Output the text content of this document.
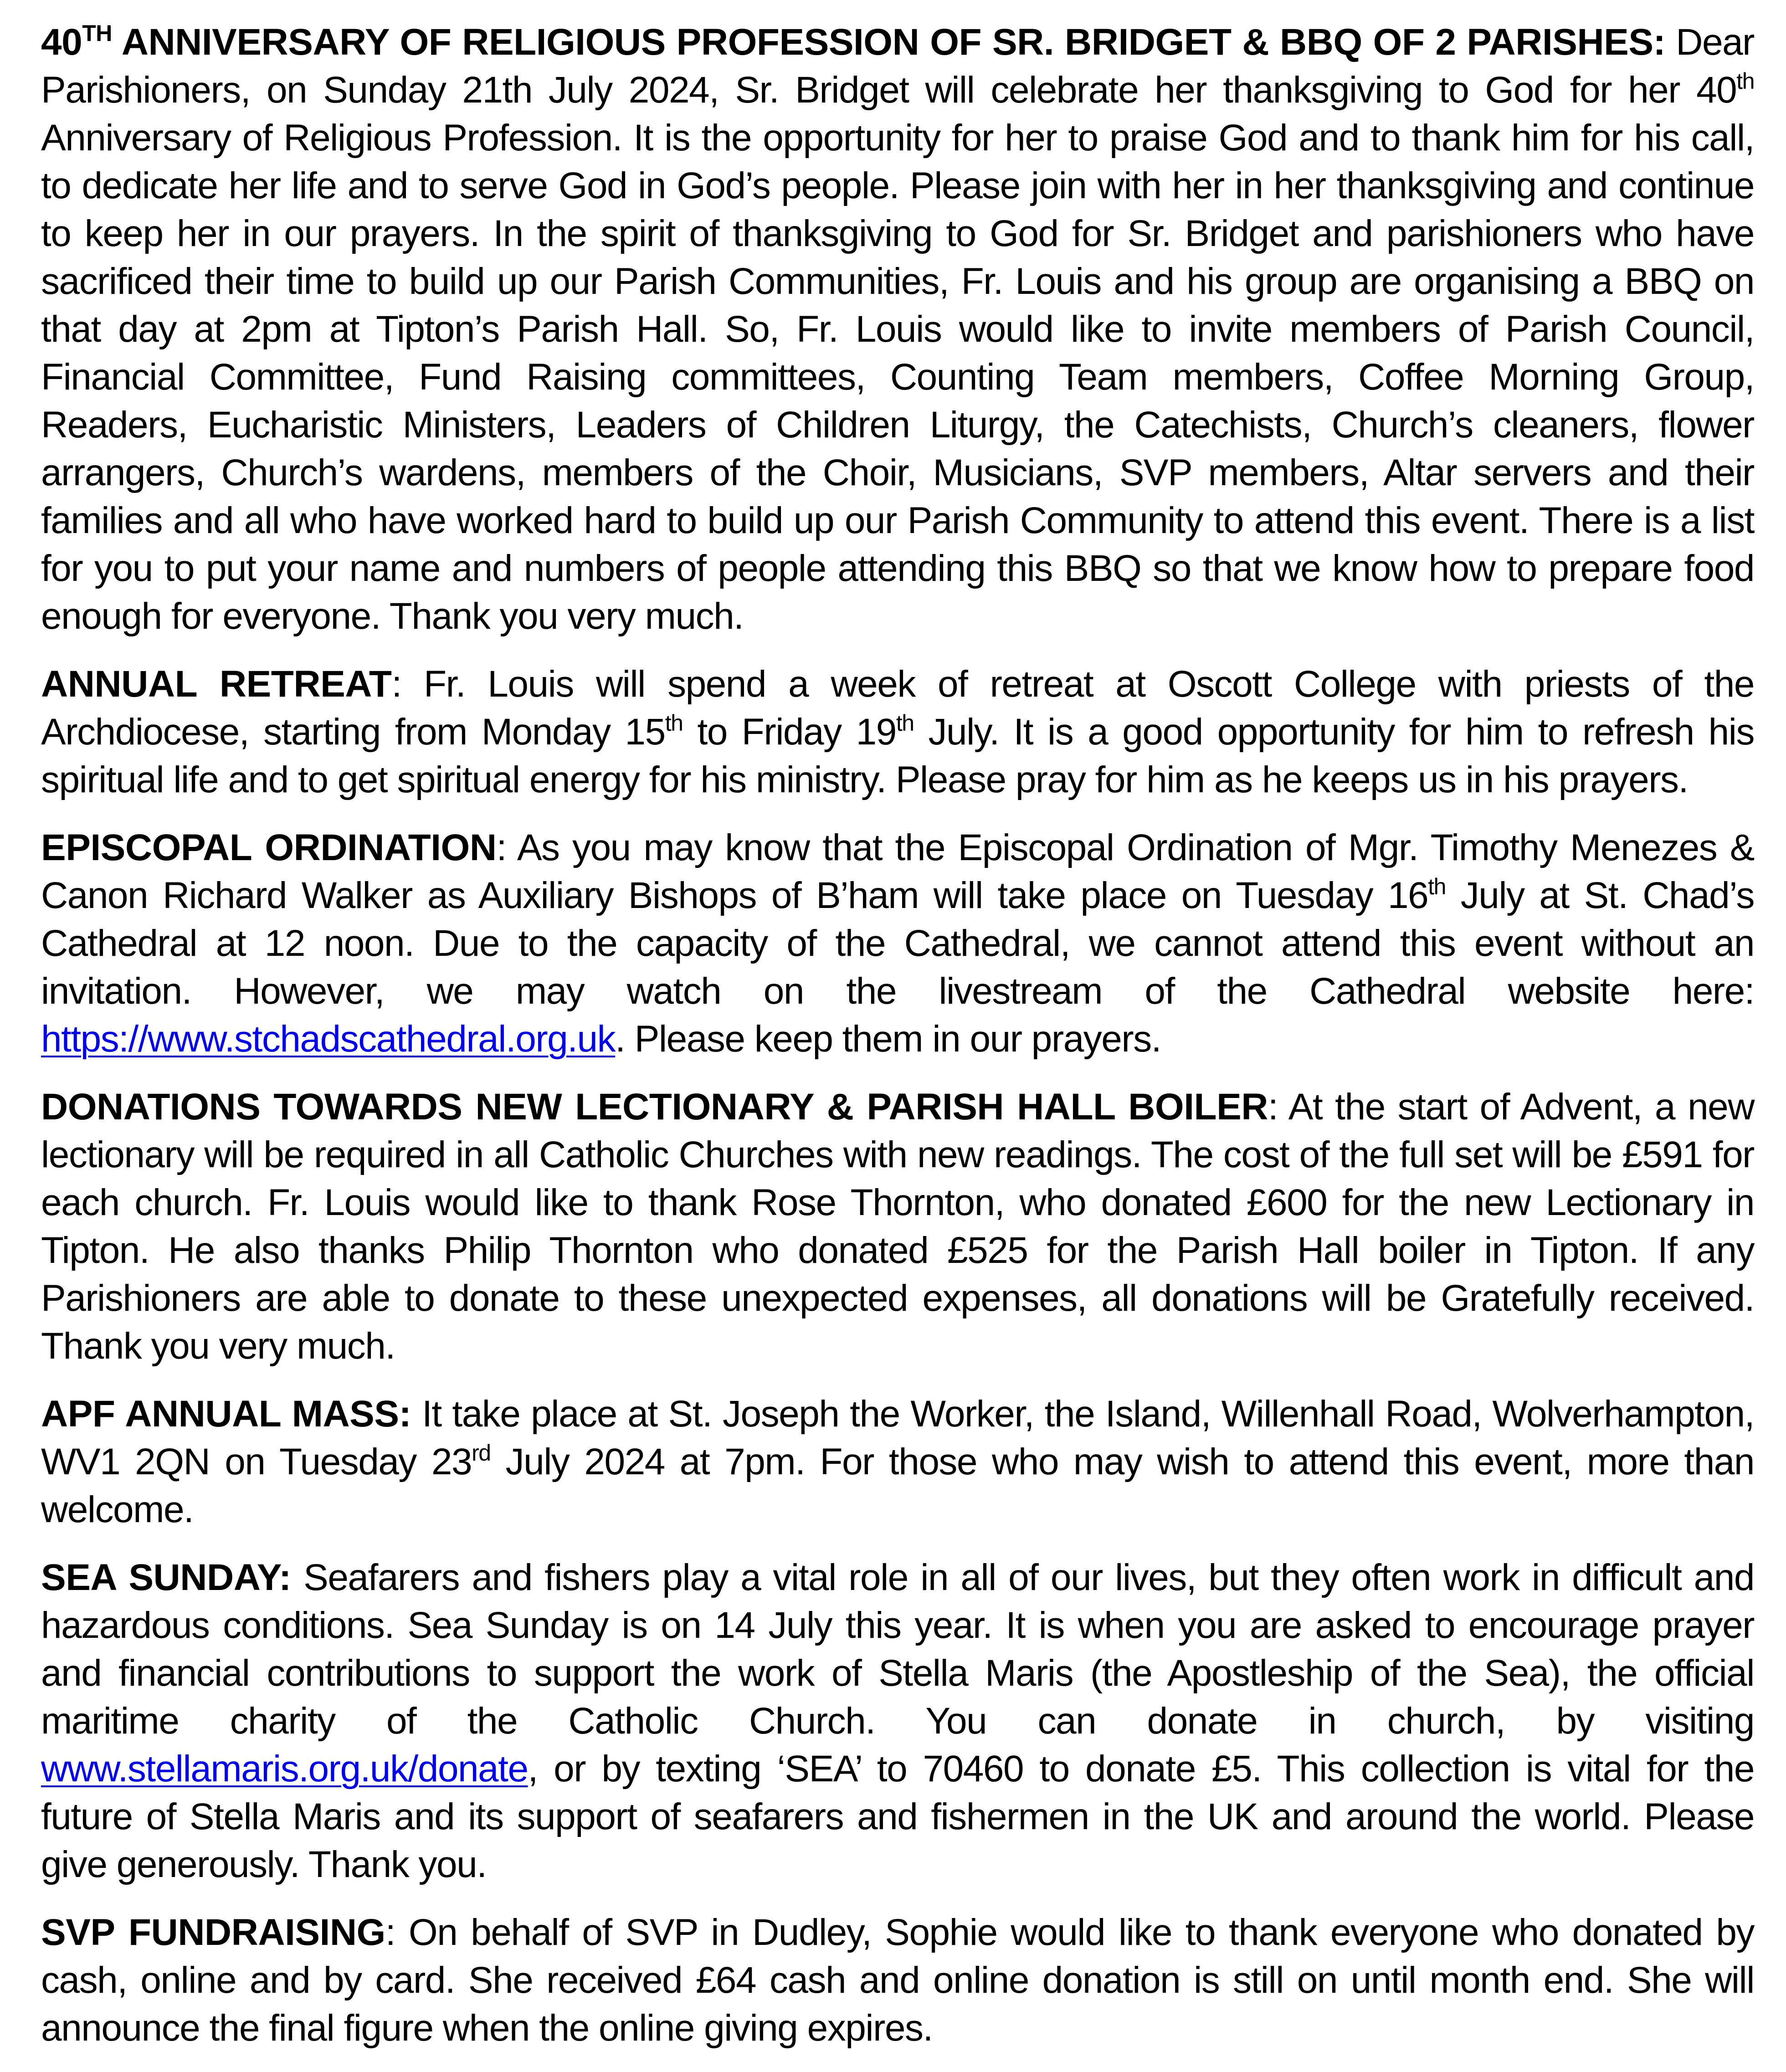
40TH ANNIVERSARY OF RELIGIOUS PROFESSION OF SR. BRIDGET & BBQ OF 2 PARISHES: Dear Parishioners, on Sunday 21th July 2024, Sr. Bridget will celebrate her thanksgiving to God for her 40th Anniversary of Religious Profession. It is the opportunity for her to praise God and to thank him for his call, to dedicate her life and to serve God in God’s people. Please join with her in her thanksgiving and continue to keep her in our prayers. In the spirit of thanksgiving to God for Sr. Bridget and parishioners who have sacrificed their time to build up our Parish Communities, Fr. Louis and his group are organising a BBQ on that day at 2pm at Tipton’s Parish Hall. So, Fr. Louis would like to invite members of Parish Council, Financial Committee, Fund Raising committees, Counting Team members, Coffee Morning Group, Readers, Eucharistic Ministers, Leaders of Children Liturgy, the Catechists, Church’s cleaners, flower arrangers, Church’s wardens, members of the Choir, Musicians, SVP members, Altar servers and their families and all who have worked hard to build up our Parish Community to attend this event. There is a list for you to put your name and numbers of people attending this BBQ so that we know how to prepare food enough for everyone. Thank you very much.

ANNUAL RETREAT: Fr. Louis will spend a week of retreat at Oscott College with priests of the Archdiocese, starting from Monday 15th to Friday 19th July. It is a good opportunity for him to refresh his spiritual life and to get spiritual energy for his ministry. Please pray for him as he keeps us in his prayers.

EPISCOPAL ORDINATION: As you may know that the Episcopal Ordination of Mgr. Timothy Menezes & Canon Richard Walker as Auxiliary Bishops of B’ham will take place on Tuesday 16th July at St. Chad’s Cathedral at 12 noon. Due to the capacity of the Cathedral, we cannot attend this event without an invitation. However, we may watch on the livestream of the Cathedral website here: https://www.stchadscathedral.org.uk. Please keep them in our prayers.

DONATIONS TOWARDS NEW LECTIONARY & PARISH HALL BOILER: At the start of Advent, a new lectionary will be required in all Catholic Churches with new readings. The cost of the full set will be £591 for each church. Fr. Louis would like to thank Rose Thornton, who donated £600 for the new Lectionary in Tipton. He also thanks Philip Thornton who donated £525 for the Parish Hall boiler in Tipton. If any Parishioners are able to donate to these unexpected expenses, all donations will be Gratefully received. Thank you very much.

APF ANNUAL MASS: It take place at St. Joseph the Worker, the Island, Willenhall Road, Wolverhampton, WV1 2QN on Tuesday 23rd July 2024 at 7pm. For those who may wish to attend this event, more than welcome.

SEA SUNDAY: Seafarers and fishers play a vital role in all of our lives, but they often work in difficult and hazardous conditions. Sea Sunday is on 14 July this year. It is when you are asked to encourage prayer and financial contributions to support the work of Stella Maris (the Apostleship of the Sea), the official maritime charity of the Catholic Church. You can donate in church, by visiting www.stellamaris.org.uk/donate, or by texting ‘SEA’ to 70460 to donate £5. This collection is vital for the future of Stella Maris and its support of seafarers and fishermen in the UK and around the world. Please give generously. Thank you.

SVP FUNDRAISING: On behalf of SVP in Dudley, Sophie would like to thank everyone who donated by cash, online and by card. She received £64 cash and online donation is still on until month end. She will announce the final figure when the online giving expires.
